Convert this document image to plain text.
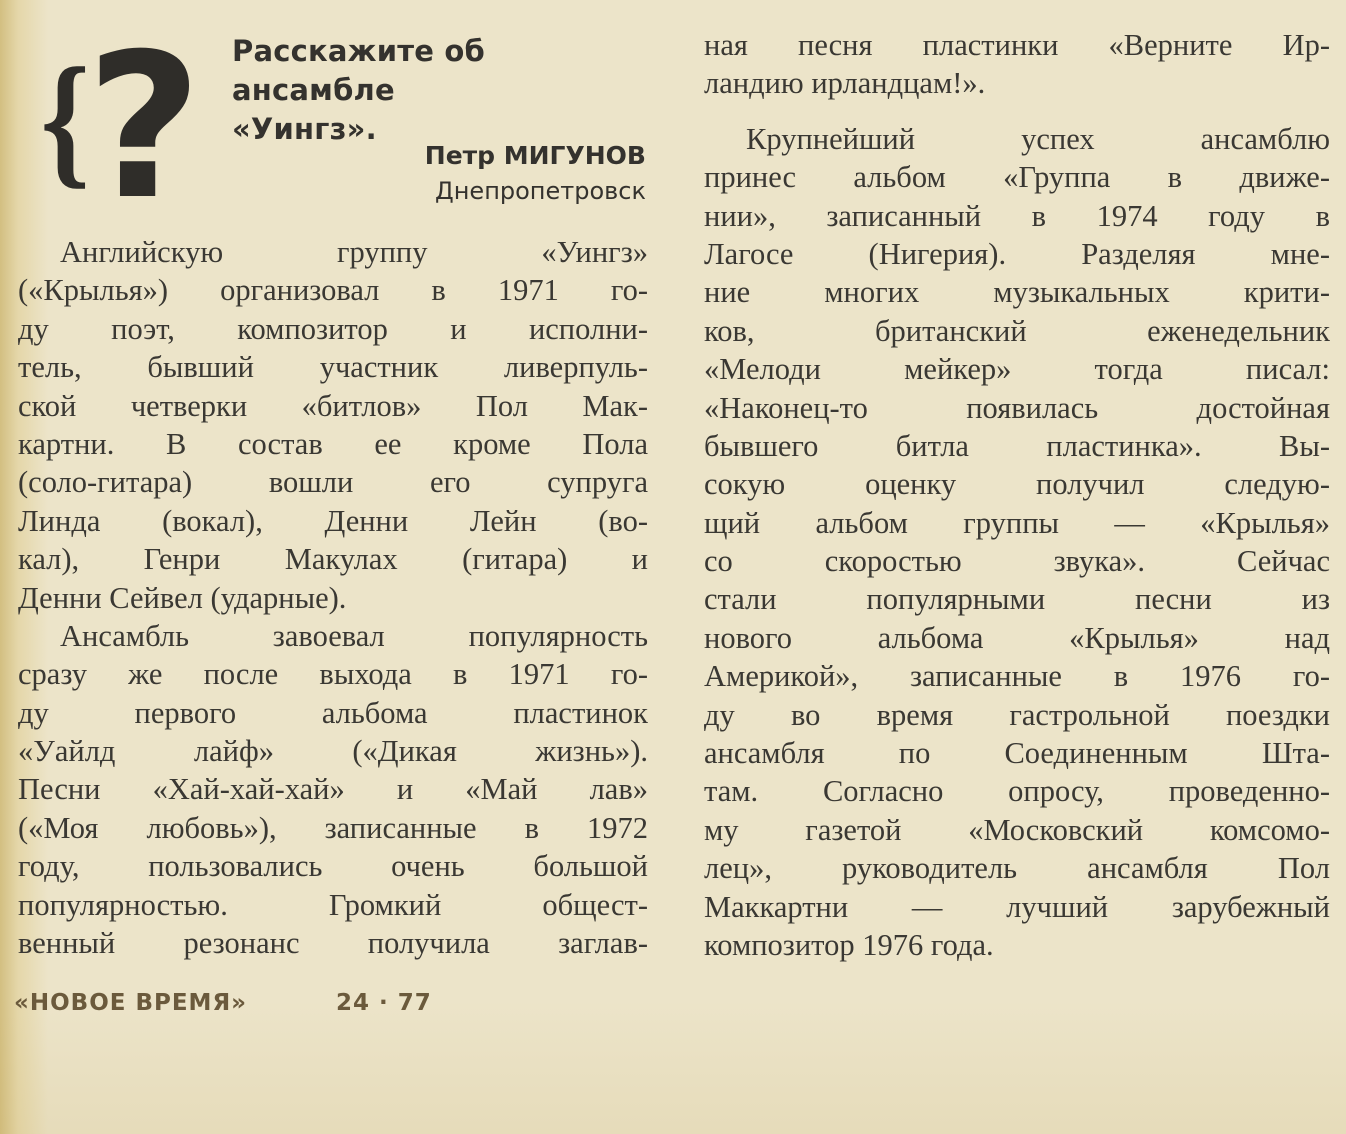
{
? Расскажите об ансамбле
«Уингз».
Петр МИГУНОВ
Днепропетровск
Английскую группу «Уингз»
(«Крылья») организовал в 1971 го-
ду поэт, композитор и исполни-
тель, бывший участник ливерпуль-
ской четверки «битлов» Пол Мак-
картни. В состав ее кроме Пола
(соло-гитара) вошли его супруга
Линда (вокал), Денни Лейн (во-
кал), Генри Макулах (гитара) и
Денни Сейвел (ударные).
Ансамбль завоевал популярность
сразу же после выхода в 1971 го-
ду первого альбома пластинок
«Уайлд лайф» («Дикая жизнь»).
Песни «Хай-хай-хай» и «Май лав»
(«Моя любовь»), записанные в 1972
году, пользовались очень большой
популярностью. Громкий общест-
венный резонанс получила заглав-
ная песня пластинки «Верните Ир-
ландию ирландцам!».
Крупнейший успех ансамблю
принес альбом «Группа в движе-
нии», записанный в 1974 году в
Лагосе (Нигерия). Разделяя мне-
ние многих музыкальных крити-
ков, британский еженедельник
«Мелоди мейкер» тогда писал:
«Наконец-то появилась достойная
бывшего битла пластинка». Вы-
сокую оценку получил следую-
щий альбом группы — «Крылья»
со скоростью звука». Сейчас
стали популярными песни из
нового альбома «Крылья» над
Америкой», записанные в 1976 го-
ду во время гастрольной поездки
ансамбля по Соединенным Шта-
там. Согласно опросу, проведенно-
му газетой «Московский комсомо-
лец», руководитель ансамбля Пол
Маккартни — лучший зарубежный
композитор 1976 года.
«НОВОЕ ВРЕМЯ»	24 · 77
